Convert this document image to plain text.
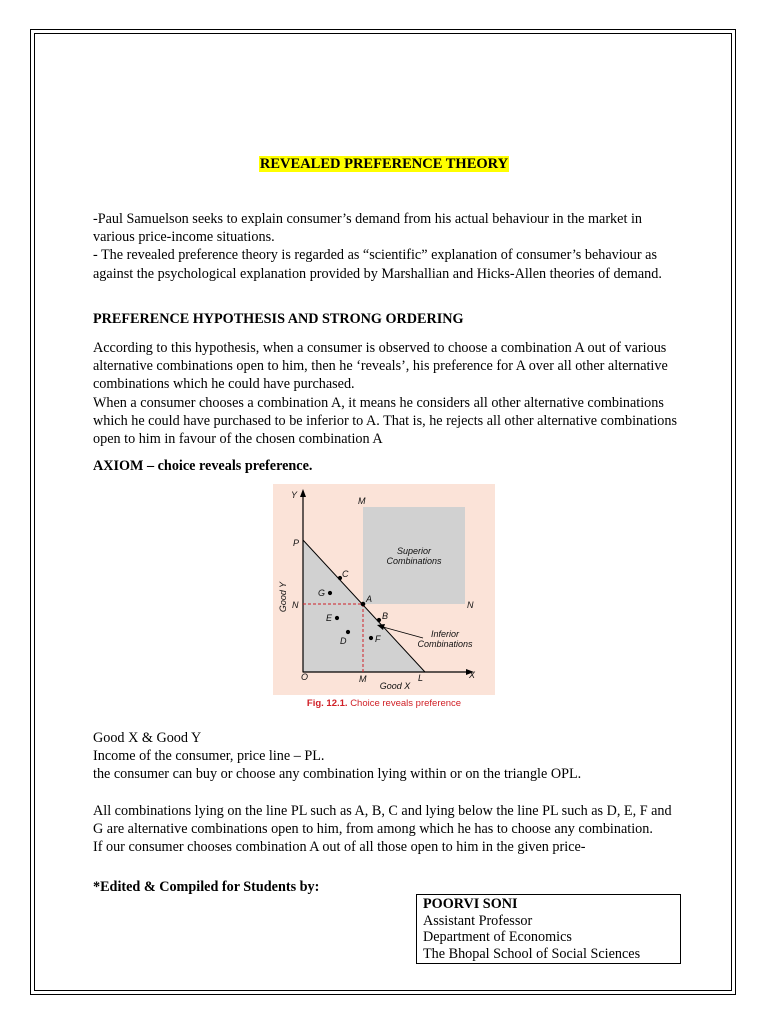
REVEALED PREFERENCE THEORY

-Paul Samuelson seeks to explain consumer’s demand from his actual behaviour in the market in various price-income situations.

- The revealed preference theory is regarded as “scientific” explanation of consumer’s behaviour as against the psychological explanation provided by Marshallian and Hicks-Allen theories of demand.

PREFERENCE HYPOTHESIS AND STRONG ORDERING

According to this hypothesis, when a consumer is observed to choose a combination A out of various alternative combinations open to him, then he ‘reveals’, his preference for A over all other alternative combinations which he could have purchased.

When a consumer chooses a combination A, it means he considers all other alternative combinations which he could have purchased to be inferior to A. That is, he rejects all other alternative combinations open to him in favour of the chosen combination A

AXIOM – choice reveals preference.
Y
X
O
P
L
M
M
N	N
A
B
C
D
E
F
G
Superior
Combinations
Inferior
Combinations
Good X
Good Y
Fig. 12.1. Choice reveals preference

Good X & Good Y

Income of the consumer, price line – PL.

the consumer can buy or choose any combination lying within or on the triangle OPL.

All combinations lying on the line PL such as A, B, C and lying below the line PL such as D, E, F and G are alternative combinations open to him, from among which he has to choose any combination.

If our consumer chooses combination A out of all those open to him in the given price-

*Edited & Compiled for Students by:
POORVI SONI
Assistant Professor
Department of Economics
The Bhopal School of Social Sciences
